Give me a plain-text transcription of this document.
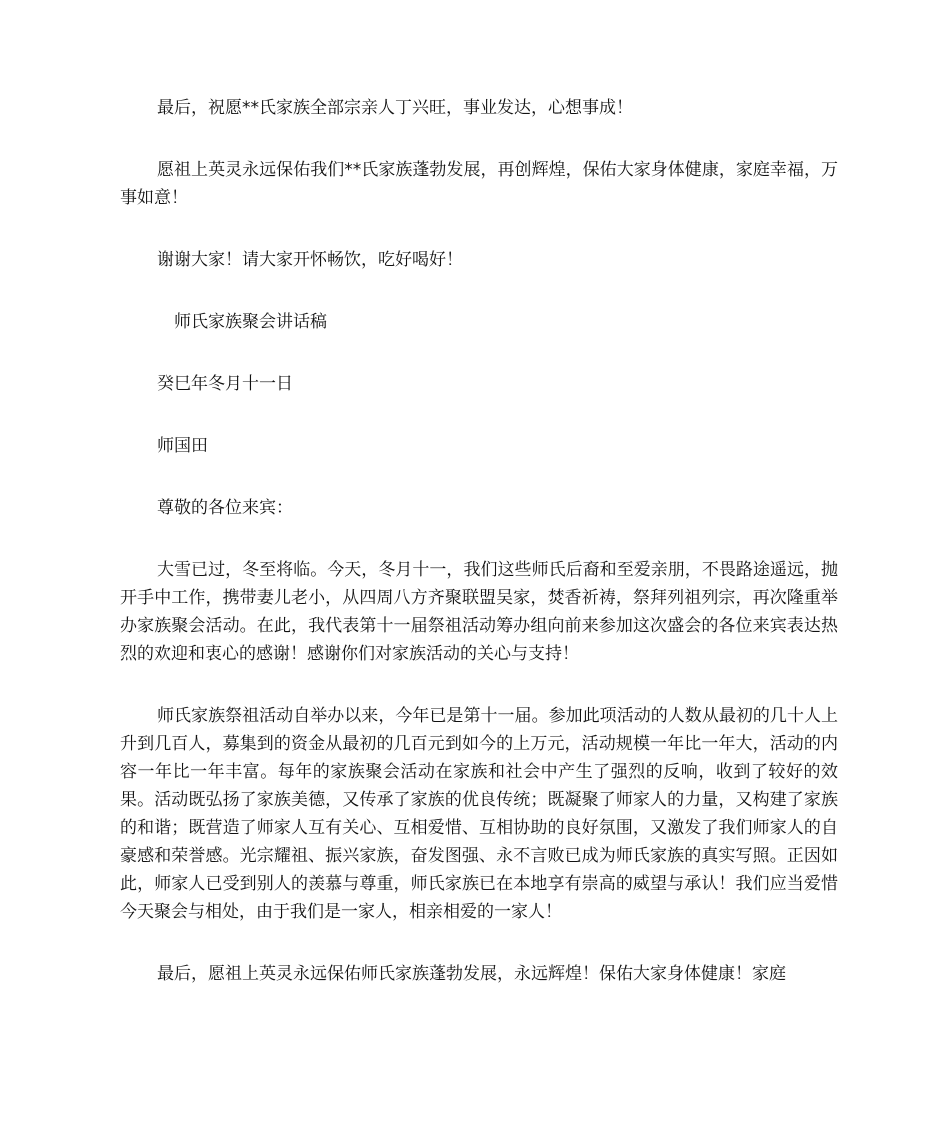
最后，祝愿**氏家族全部宗亲人丁兴旺，事业发达，心想事成！

愿祖上英灵永远保佑我们**氏家族蓬勃发展，再创辉煌，保佑大家身体健康，家庭幸福，万事如意！

谢谢大家！请大家开怀畅饮，吃好喝好！

师氏家族聚会讲话稿

癸巳年冬月十一日

师国田

尊敬的各位来宾：

大雪已过，冬至将临。今天，冬月十一，我们这些师氏后裔和至爱亲朋，不畏路途遥远，抛开手中工作，携带妻儿老小，从四周八方齐聚联盟吴家，焚香祈祷，祭拜列祖列宗，再次隆重举办家族聚会活动。在此，我代表第十一届祭祖活动筹办组向前来参加这次盛会的各位来宾表达热烈的欢迎和衷心的感谢！感谢你们对家族活动的关心与支持！

师氏家族祭祖活动自举办以来，今年已是第十一届。参加此项活动的人数从最初的几十人上升到几百人，募集到的资金从最初的几百元到如今的上万元，活动规模一年比一年大，活动的内容一年比一年丰富。每年的家族聚会活动在家族和社会中产生了强烈的反响，收到了较好的效果。活动既弘扬了家族美德，又传承了家族的优良传统；既凝聚了师家人的力量，又构建了家族的和谐；既营造了师家人互有关心、互相爱惜、互相协助的良好氛围，又激发了我们师家人的自豪感和荣誉感。光宗耀祖、振兴家族，奋发图强、永不言败已成为师氏家族的真实写照。正因如此，师家人已受到别人的羡慕与尊重，师氏家族已在本地享有崇高的威望与承认！我们应当爱惜今天聚会与相处，由于我们是一家人，相亲相爱的一家人！

最后，愿祖上英灵永远保佑师氏家族蓬勃发展，永远辉煌！保佑大家身体健康！家庭
